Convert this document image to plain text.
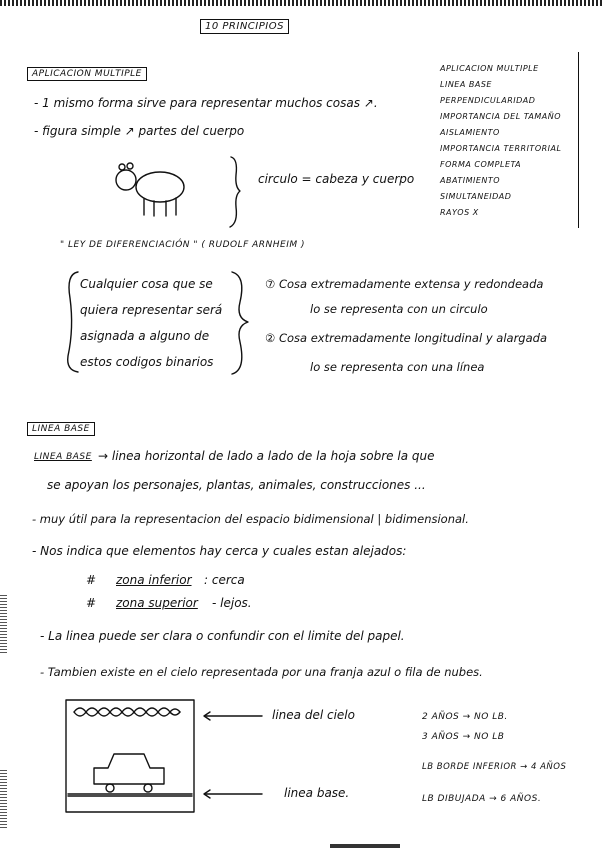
10 PRINCIPIOS
APLICACION MULTIPLE
LINEA BASE
PERPENDICULARIDAD
IMPORTANCIA DEL TAMAÑO
AISLAMIENTO
IMPORTANCIA TERRITORIAL
FORMA COMPLETA
ABATIMIENTO
SIMULTANEIDAD
RAYOS X
APLICACION MULTIPLE
- 1 mismo forma sirve para representar muchos cosas ↗.
- figura simple ↗ partes del cuerpo
circulo = cabeza y cuerpo
" LEY DE DIFERENCIACIÓN " ( RUDOLF ARNHEIM )
Cualquier cosa que se
quiera representar será
asignada a alguno de
estos codigos binarios
⑦ Cosa extremadamente extensa y redondeada
lo se representa con un circulo
② Cosa extremadamente longitudinal y alargada
lo se representa con una línea
LINEA BASE
LINEA BASE → linea horizontal de lado a lado de la hoja sobre la que
se apoyan los personajes, plantas, animales, construcciones ...
- muy útil para la representacion del espacio bidimensional | bidimensional.
- Nos indica que elementos hay cerca y cuales estan alejados:
# zona inferior : cerca
# zona superior - lejos.
- La linea puede ser clara o confundir con el limite del papel.
- Tambien existe en el cielo representada por una franja azul o fila de nubes.
linea del cielo
linea base.
2 AÑOS → NO LB.
3 AÑOS → NO LB
LB BORDE INFERIOR → 4 AÑOS
LB DIBUJADA → 6 AÑOS.
